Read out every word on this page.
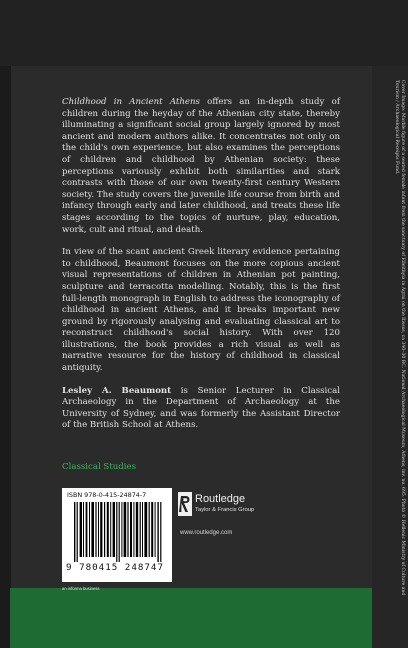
Childhood in Ancient Athens offers an in-depth study of children during the heyday of the Athenian city state, thereby illuminating a significant social group largely ignored by most ancient and modern authors alike. It concentrates not only on the child's own experience, but also examines the perceptions of children and childhood by Athenian society: these perceptions variously exhibit both similarities and stark contrasts with those of our own twenty-first century Western society. The study covers the juvenile life course from birth and infancy through early and later childhood, and treats these life stages according to the topics of nurture, play, education, work, cult and ritual, and death.

In view of the scant ancient Greek literary evidence pertaining to childhood, Beaumont focuses on the more copious ancient visual representations of children in Athenian pot painting, sculpture and terracotta modelling. Notably, this is the first full-length monograph in English to address the iconography of childhood in ancient Athens, and it breaks important new ground by rigorously analysing and evaluating classical art to reconstruct childhood's social history. With over 120 illustrations, the book provides a rich visual as well as narrative resource for the history of childhood in classical antiquity.

Lesley A. Beaumont is Senior Lecturer in Classical Archaeology in the Department of Archaeology at the University of Sydney, and was formerly the Assistant Director of the British School at Athens.

Classical Studies	Cover Image: Marble figure of a seated female infant from the sanctuary of Eileithyia in Agrai on the Ilissos, ca 340–30 BC. National Archaeological Museum, Athens, inv. no. 695. Photo © Hellenic Ministry of Culture and Tourism / Archaeological Receipts Fund.
ISBN 978-0-415-24874-7
9 780415 248747
Routledge
Taylor & Francis Group
www.routledge.com
an informa business
